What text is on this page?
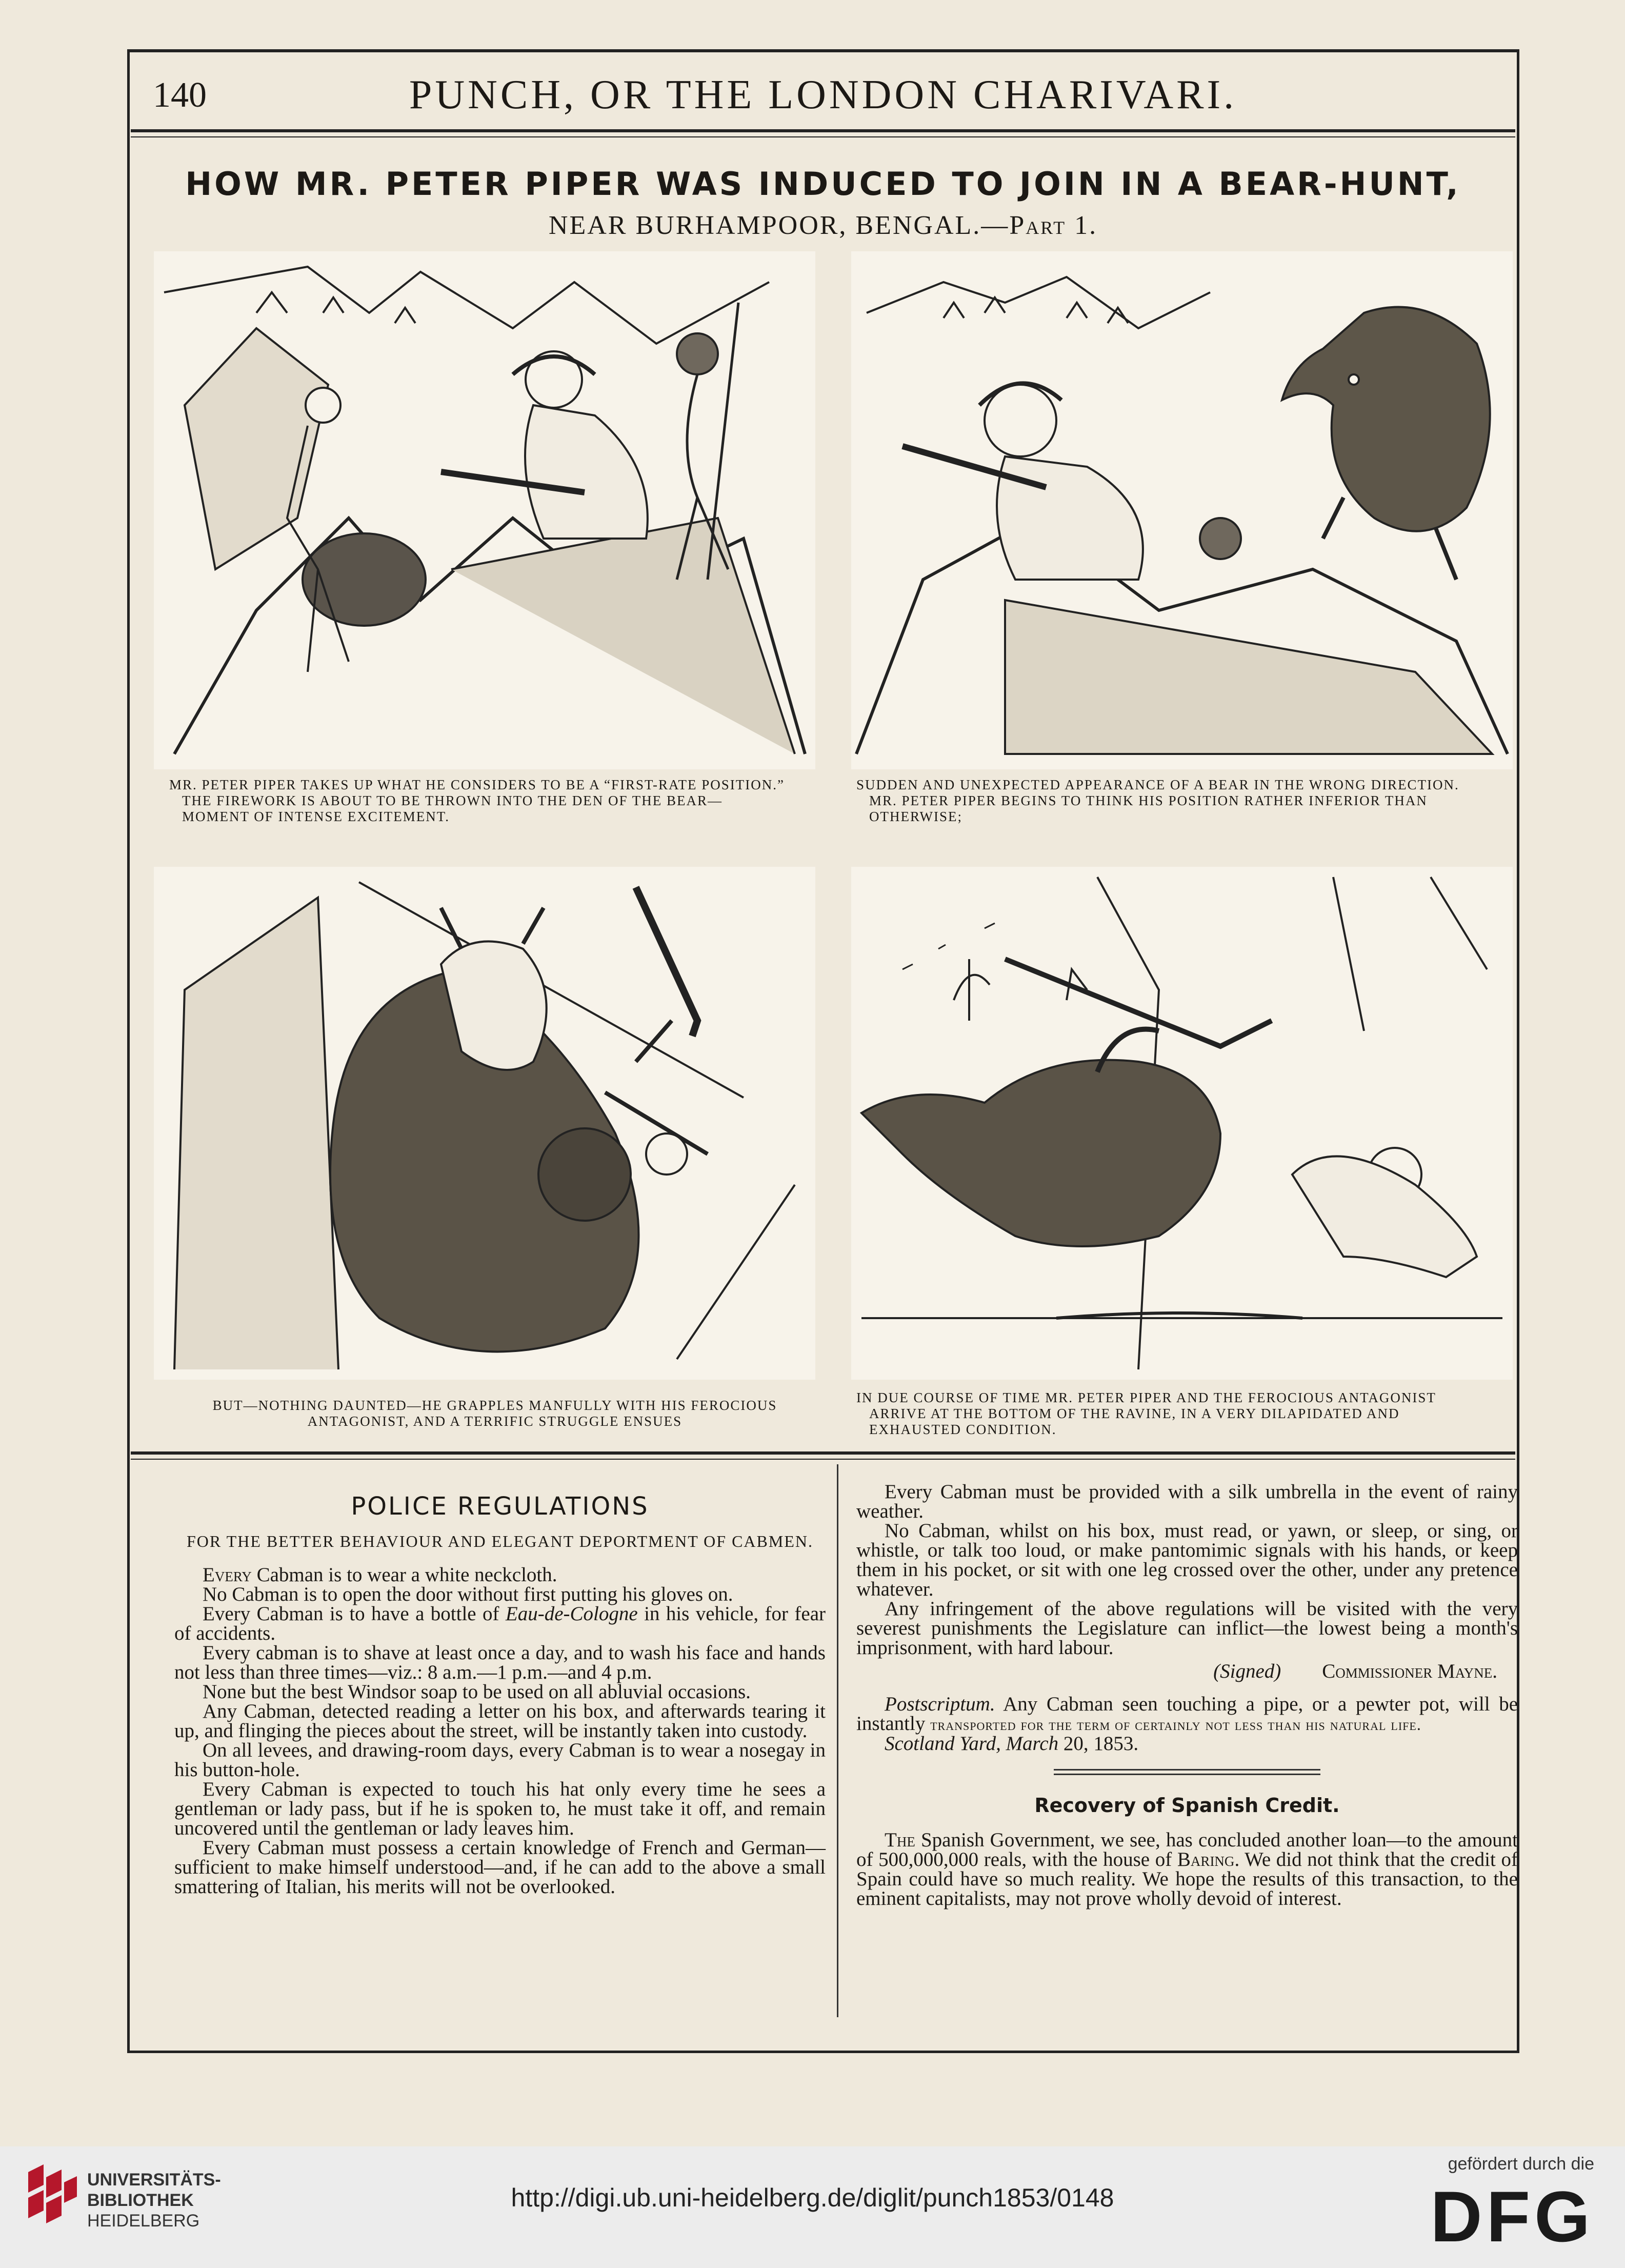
140	PUNCH, OR THE LONDON CHARIVARI.
HOW MR. PETER PIPER WAS INDUCED TO JOIN IN A BEAR-HUNT,
NEAR BURHAMPOOR, BENGAL.—Part 1.
MR. PETER PIPER TAKES UP WHAT HE CONSIDERS TO BE A “FIRST-RATE POSITION.”
THE FIREWORK IS ABOUT TO BE THROWN INTO THE DEN OF THE BEAR—
MOMENT OF INTENSE EXCITEMENT.
SUDDEN AND UNEXPECTED APPEARANCE OF A BEAR IN THE WRONG DIRECTION.
MR. PETER PIPER BEGINS TO THINK HIS POSITION RATHER INFERIOR THAN
OTHERWISE;
BUT—NOTHING DAUNTED—HE GRAPPLES MANFULLY WITH HIS FEROCIOUS
ANTAGONIST, AND A TERRIFIC STRUGGLE ENSUES
IN DUE COURSE OF TIME MR. PETER PIPER AND THE FEROCIOUS ANTAGONIST
ARRIVE AT THE BOTTOM OF THE RAVINE, IN A VERY DILAPIDATED AND
EXHAUSTED CONDITION.
POLICE REGULATIONS
FOR THE BETTER BEHAVIOUR AND ELEGANT DEPORTMENT OF CABMEN.

Every Cabman is to wear a white neckcloth.

No Cabman is to open the door without first putting his gloves on.

Every Cabman is to have a bottle of Eau-de-Cologne in his vehicle, for fear of accidents.

Every cabman is to shave at least once a day, and to wash his face and hands not less than three times—viz.: 8 a.m.—1 p.m.—and 4 p.m.

None but the best Windsor soap to be used on all abluvial occasions.

Any Cabman, detected reading a letter on his box, and afterwards tearing it up, and flinging the pieces about the street, will be instantly taken into custody.

On all levees, and drawing-room days, every Cabman is to wear a nosegay in his button-hole.

Every Cabman is expected to touch his hat only every time he sees a gentleman or lady pass, but if he is spoken to, he must take it off, and remain uncovered until the gentleman or lady leaves him.

Every Cabman must possess a certain knowledge of French and German—sufficient to make himself understood—and, if he can add to the above a small smattering of Italian, his merits will not be overlooked.

Every Cabman must be provided with a silk umbrella in the event of rainy weather.

No Cabman, whilst on his box, must read, or yawn, or sleep, or sing, or whistle, or talk too loud, or make pantomimic signals with his hands, or keep them in his pocket, or sit with one leg crossed over the other, under any pretence whatever.

Any infringement of the above regulations will be visited with the very severest punishments the Legislature can inflict—the lowest being a month's imprisonment, with hard labour.

(Signed) Commissioner Mayne.

Postscriptum. Any Cabman seen touching a pipe, or a pewter pot, will be instantly transported for the term of certainly not less than his natural life.

Scotland Yard, March 20, 1853.

Recovery of Spanish Credit.

The Spanish Government, we see, has concluded another loan—to the amount of 500,000,000 reals, with the house of Baring. We did not think that the credit of Spain could have so much reality. We hope the results of this transaction, to the eminent capitalists, may not prove wholly devoid of interest.

UNIVERSITÄTS-
BIBLIOTHEK
HEIDELBERG
http://digi.ub.uni-heidelberg.de/diglit/punch1853/0148
gefördert durch die
DFG
